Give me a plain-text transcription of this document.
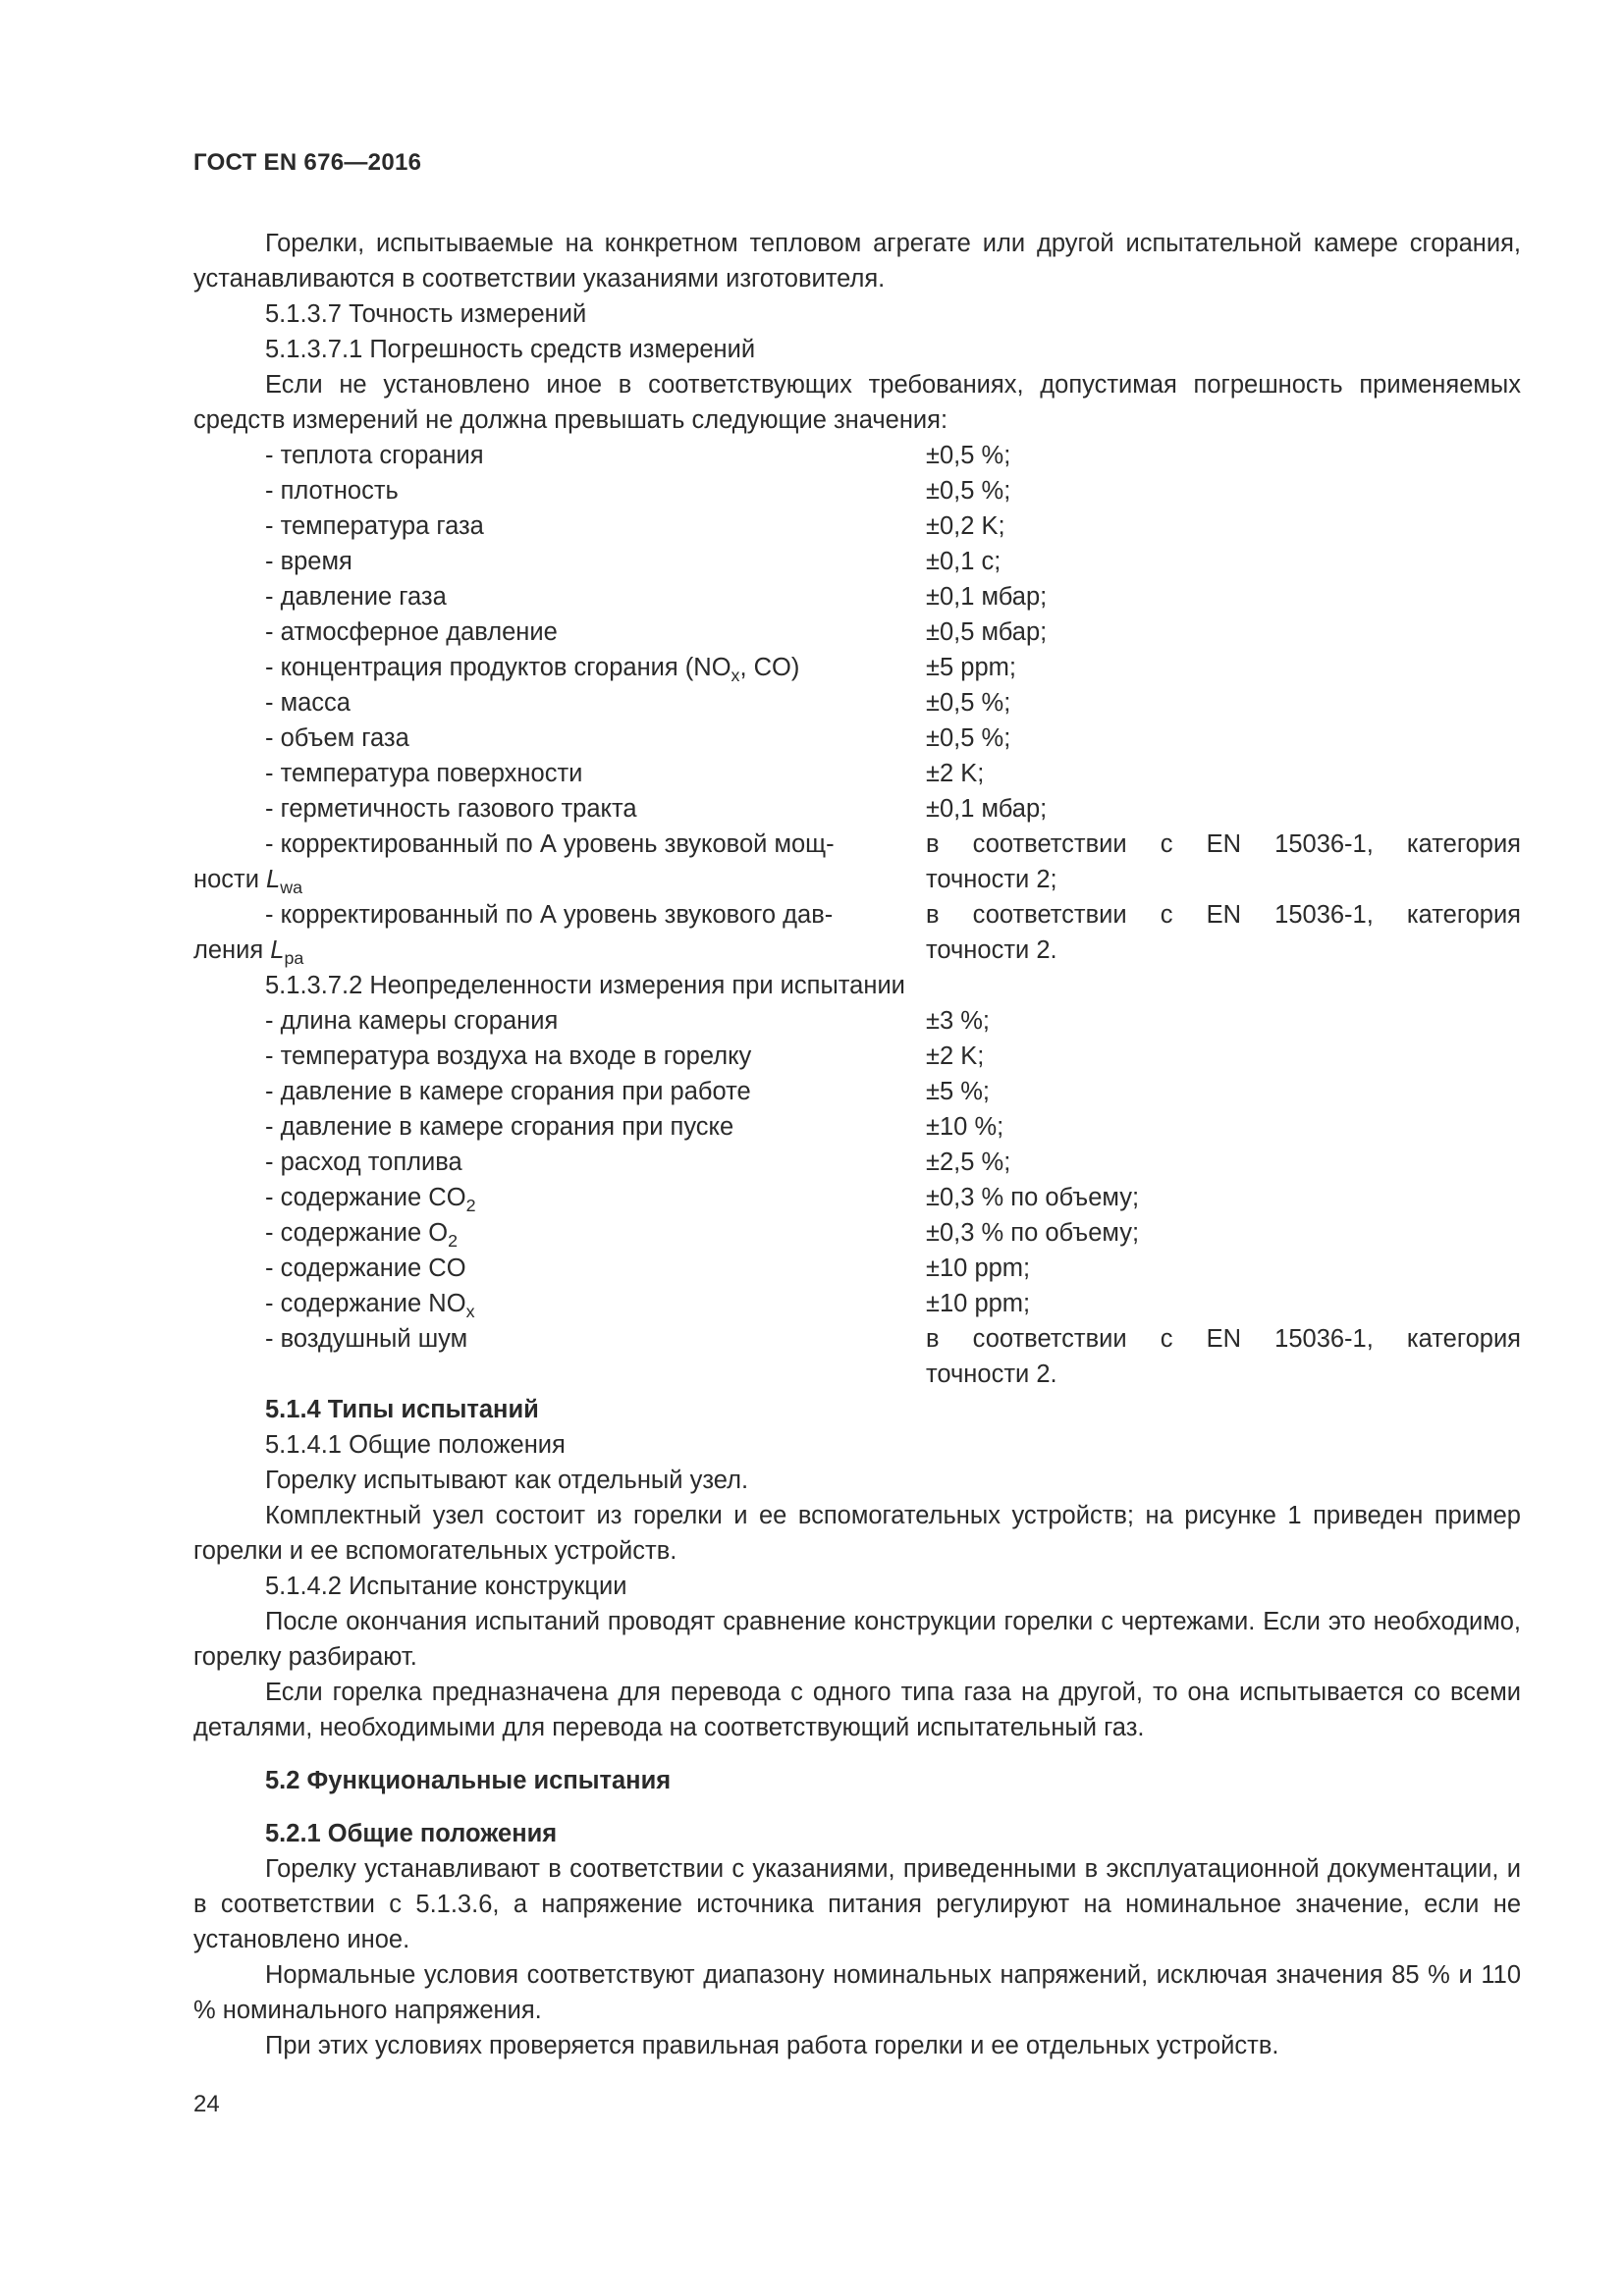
ГОСТ EN 676—2016

Горелки, испытываемые на конкретном тепловом агрегате или другой испытательной камере сгорания, устанавливаются в соответствии указаниями изготовителя.

5.1.3.7 Точность измерений

5.1.3.7.1 Погрешность средств измерений

Если не установлено иное в соответствующих требованиях, допустимая погрешность применяемых средств измерений не должна превышать следующие значения:

- теплота сгорания	±0,5 %;
- плотность	±0,5 %;
- температура газа	±0,2 K;
- время	±0,1 с;
- давление газа	±0,1 мбар;
- атмосферное давление	±0,5 мбар;
- концентрация продуктов сгорания ($NO_x$, CO)	±5 ppm;
- масса	±0,5 %;
- объем газа	±0,5 %;
- температура поверхности	±2 K;
- герметичность газового тракта	±0,1 мбар;
- корректированный по А уровень звуковой мощ-	в соответствии с EN 15036-1, категория
ности $L_{wa}$	точности 2;
- корректированный по А уровень звукового дав-	в соответствии с EN 15036-1, категория
ления $L_{pa}$	точности 2.

5.1.3.7.2 Неопределенности измерения при испытании

- длина камеры сгорания	±3 %;
- температура воздуха на входе в горелку	±2 K;
- давление в камере сгорания при работе	±5 %;
- давление в камере сгорания при пуске	±10 %;
- расход топлива	±2,5 %;
- содержание $CO_2$	±0,3 % по объему;
- содержание $O_2$	±0,3 % по объему;
- содержание CO	±10 ppm;
- содержание $NO_x$	±10 ppm;
- воздушный шум	в соответствии с EN 15036-1, категория
точности 2.

5.1.4 Типы испытаний

5.1.4.1 Общие положения

Горелку испытывают как отдельный узел.

Комплектный узел состоит из горелки и ее вспомогательных устройств; на рисунке 1 приведен пример горелки и ее вспомогательных устройств.

5.1.4.2 Испытание конструкции

После окончания испытаний проводят сравнение конструкции горелки с чертежами. Если это необходимо, горелку разбирают.

Если горелка предназначена для перевода с одного типа газа на другой, то она испытывается со всеми деталями, необходимыми для перевода на соответствующий испытательный газ.

5.2 Функциональные испытания

5.2.1 Общие положения

Горелку устанавливают в соответствии с указаниями, приведенными в эксплуатационной документации, и в соответствии с 5.1.3.6, а напряжение источника питания регулируют на номинальное значение, если не установлено иное.

Нормальные условия соответствуют диапазону номинальных напряжений, исключая значения 85 % и 110 % номинального напряжения.

При этих условиях проверяется правильная работа горелки и ее отдельных устройств.

24
